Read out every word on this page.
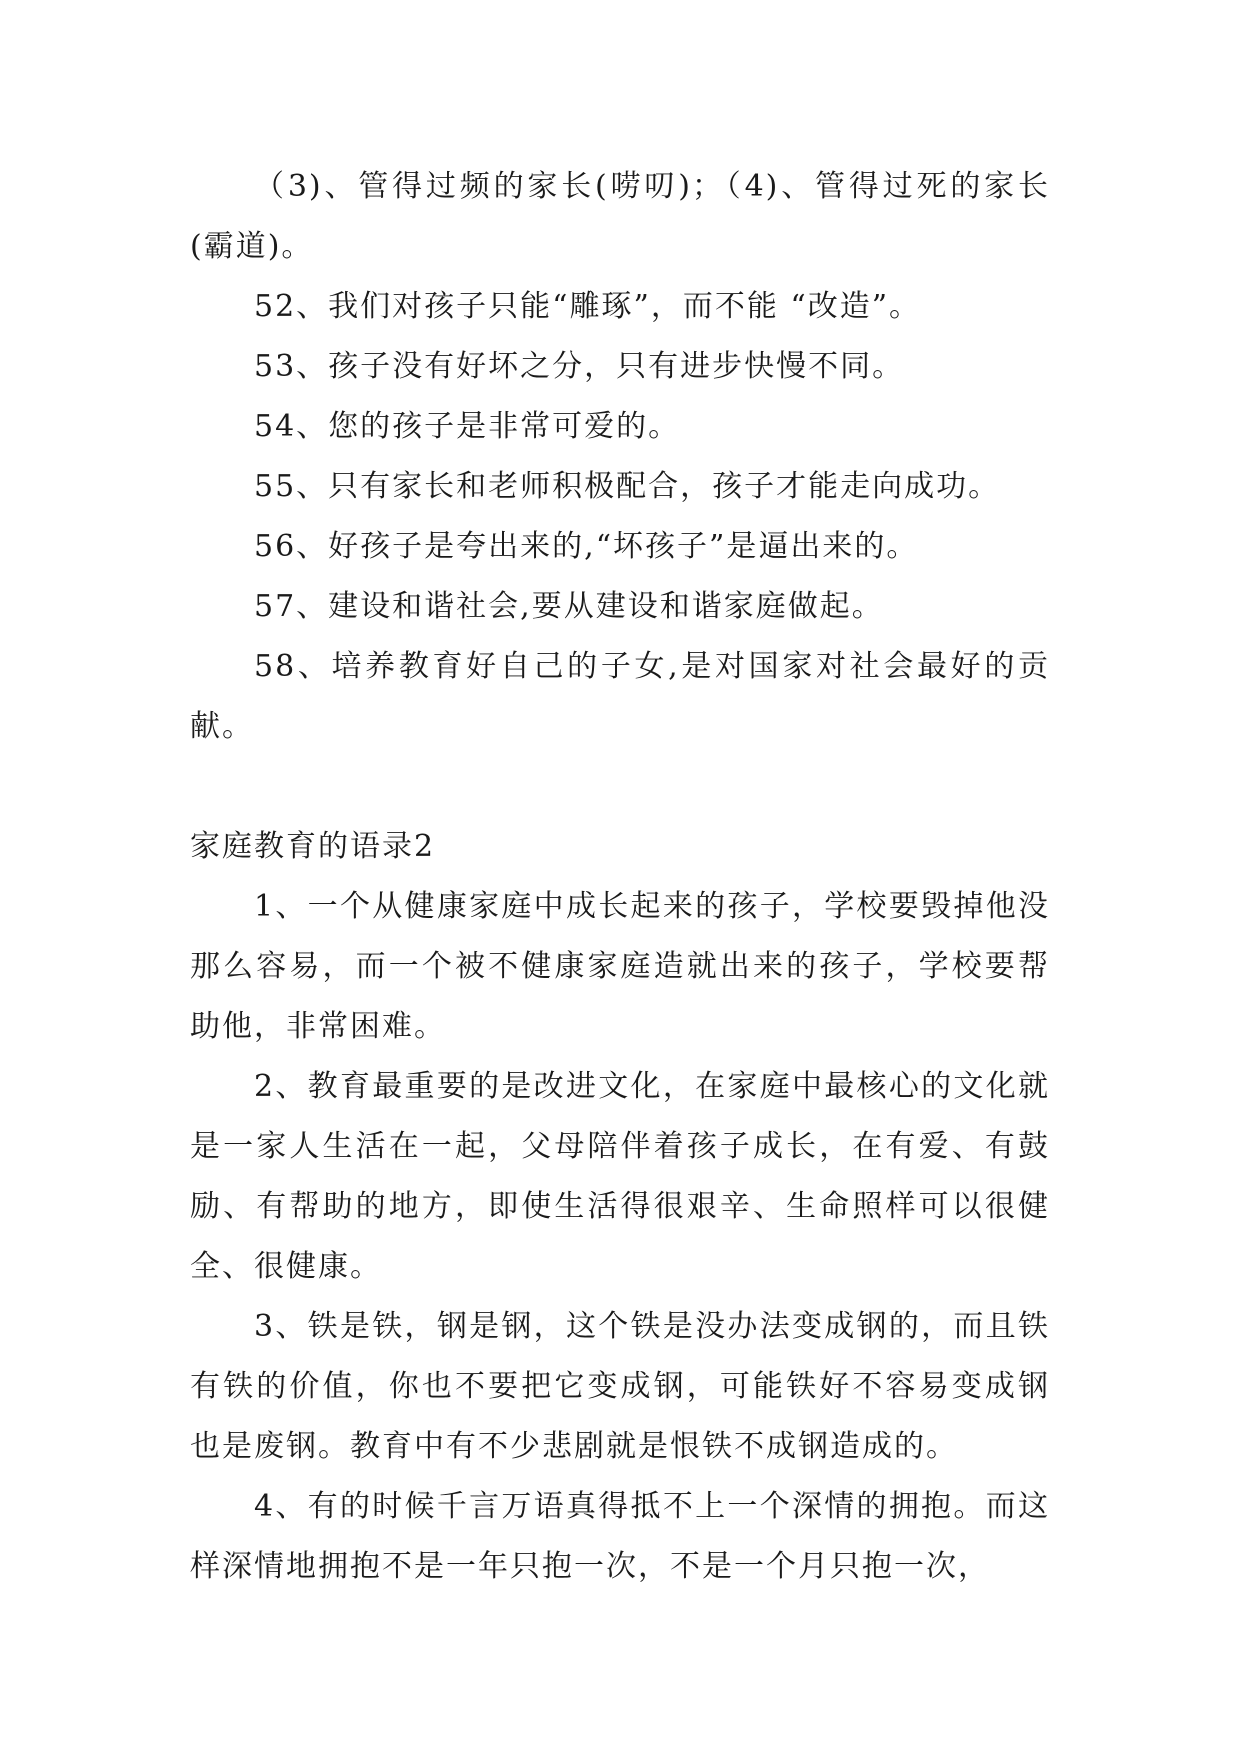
（3)、管得过频的家长(唠叨)；（4)、管得过死的家长(霸道)。

52、我们对孩子只能“雕琢”，而不能 “改造”。

53、孩子没有好坏之分，只有进步快慢不同。

54、您的孩子是非常可爱的。

55、只有家长和老师积极配合，孩子才能走向成功。

56、好孩子是夸出来的,“坏孩子”是逼出来的。

57、建设和谐社会,要从建设和谐家庭做起。

58、培养教育好自己的子女,是对国家对社会最好的贡献。

家庭教育的语录2

1、一个从健康家庭中成长起来的孩子，学校要毁掉他没那么容易，而一个被不健康家庭造就出来的孩子，学校要帮助他，非常困难。

2、教育最重要的是改进文化，在家庭中最核心的文化就是一家人生活在一起，父母陪伴着孩子成长，在有爱、有鼓励、有帮助的地方，即使生活得很艰辛、生命照样可以很健全、很健康。

3、铁是铁，钢是钢，这个铁是没办法变成钢的，而且铁有铁的价值，你也不要把它变成钢，可能铁好不容易变成钢也是废钢。教育中有不少悲剧就是恨铁不成钢造成的。

4、有的时候千言万语真得抵不上一个深情的拥抱。而这样深情地拥抱不是一年只抱一次，不是一个月只抱一次，
